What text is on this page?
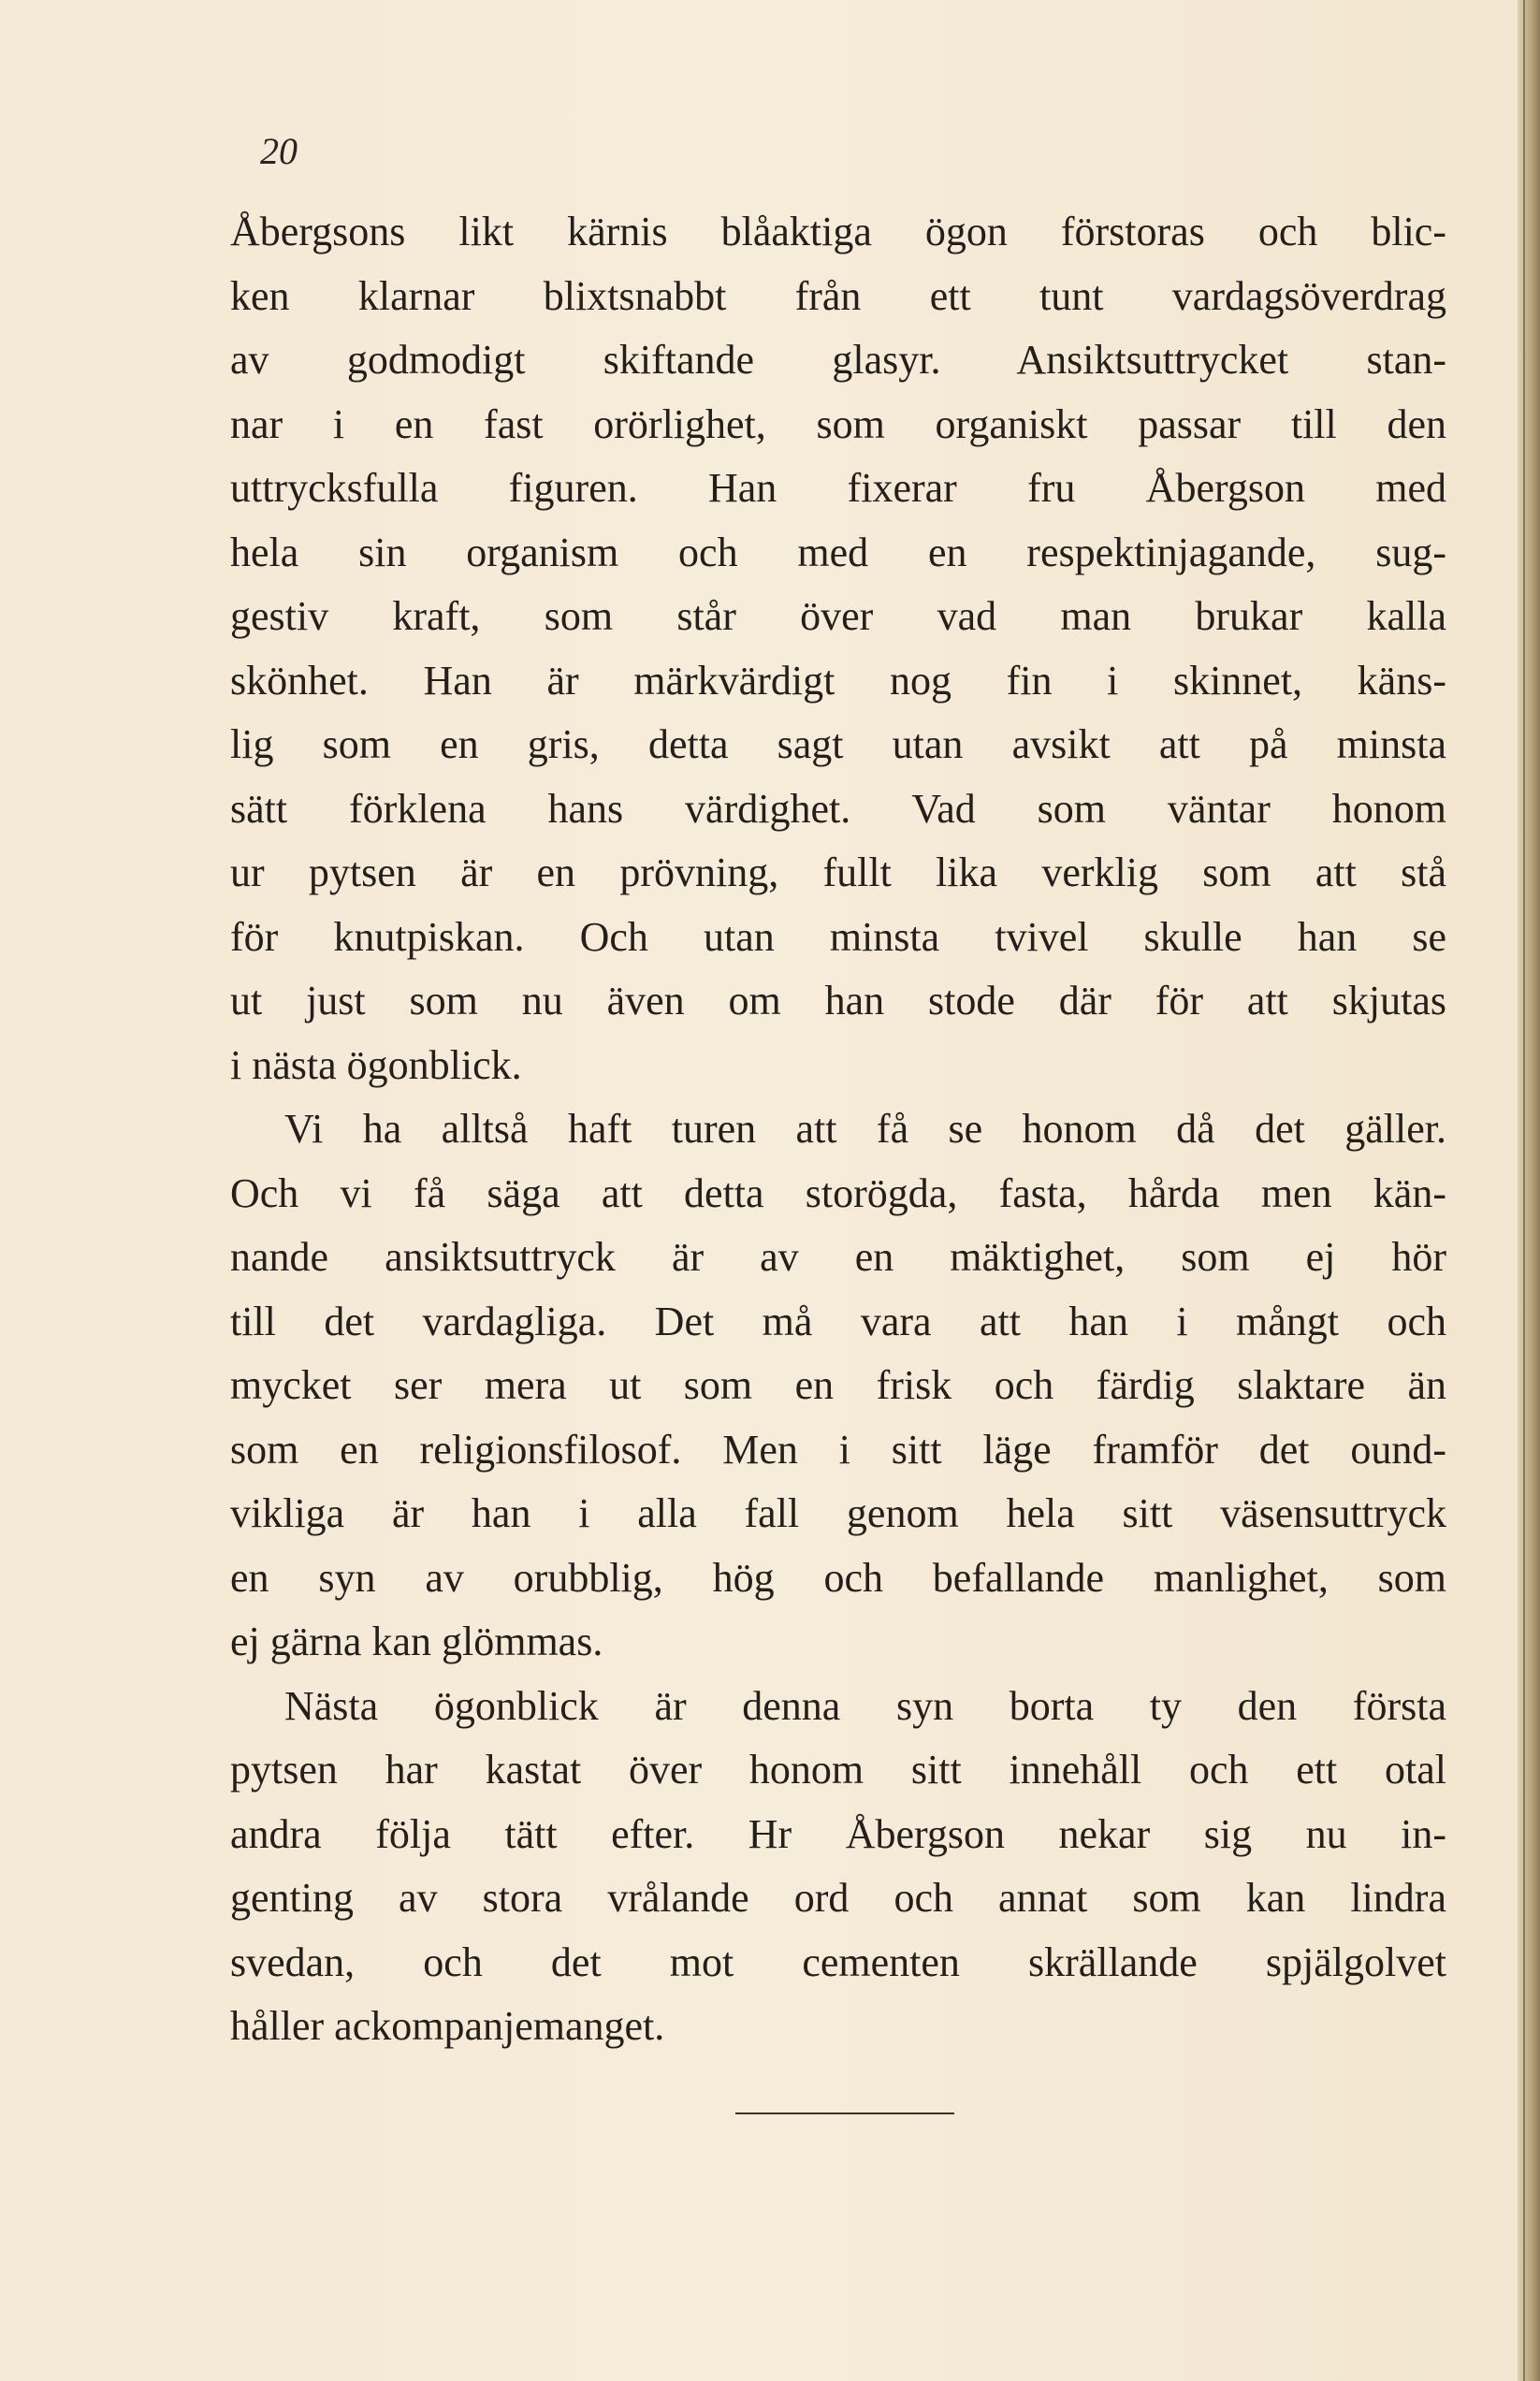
20
Åbergsons likt kärnis blåaktiga ögon förstoras och blic-
ken klarnar blixtsnabbt från ett tunt vardagsöverdrag
av godmodigt skiftande glasyr. Ansiktsuttrycket stan-
nar i en fast orörlighet, som organiskt passar till den
uttrycksfulla figuren. Han fixerar fru Åbergson med
hela sin organism och med en respektinjagande, sug-
gestiv kraft, som står över vad man brukar kalla
skönhet. Han är märkvärdigt nog fin i skinnet, käns-
lig som en gris, detta sagt utan avsikt att på minsta
sätt förklena hans värdighet. Vad som väntar honom
ur pytsen är en prövning, fullt lika verklig som att stå
för knutpiskan. Och utan minsta tvivel skulle han se
ut just som nu även om han stode där för att skjutas
i nästa ögonblick.
Vi ha alltså haft turen att få se honom då det gäller.
Och vi få säga att detta storögda, fasta, hårda men kän-
nande ansiktsuttryck är av en mäktighet, som ej hör
till det vardagliga. Det må vara att han i mångt och
mycket ser mera ut som en frisk och färdig slaktare än
som en religionsfilosof. Men i sitt läge framför det ound-
vikliga är han i alla fall genom hela sitt väsensuttryck
en syn av orubblig, hög och befallande manlighet, som
ej gärna kan glömmas.
Nästa ögonblick är denna syn borta ty den första
pytsen har kastat över honom sitt innehåll och ett otal
andra följa tätt efter. Hr Åbergson nekar sig nu in-
genting av stora vrålande ord och annat som kan lindra
svedan, och det mot cementen skrällande spjälgolvet
håller ackompanjemanget.
